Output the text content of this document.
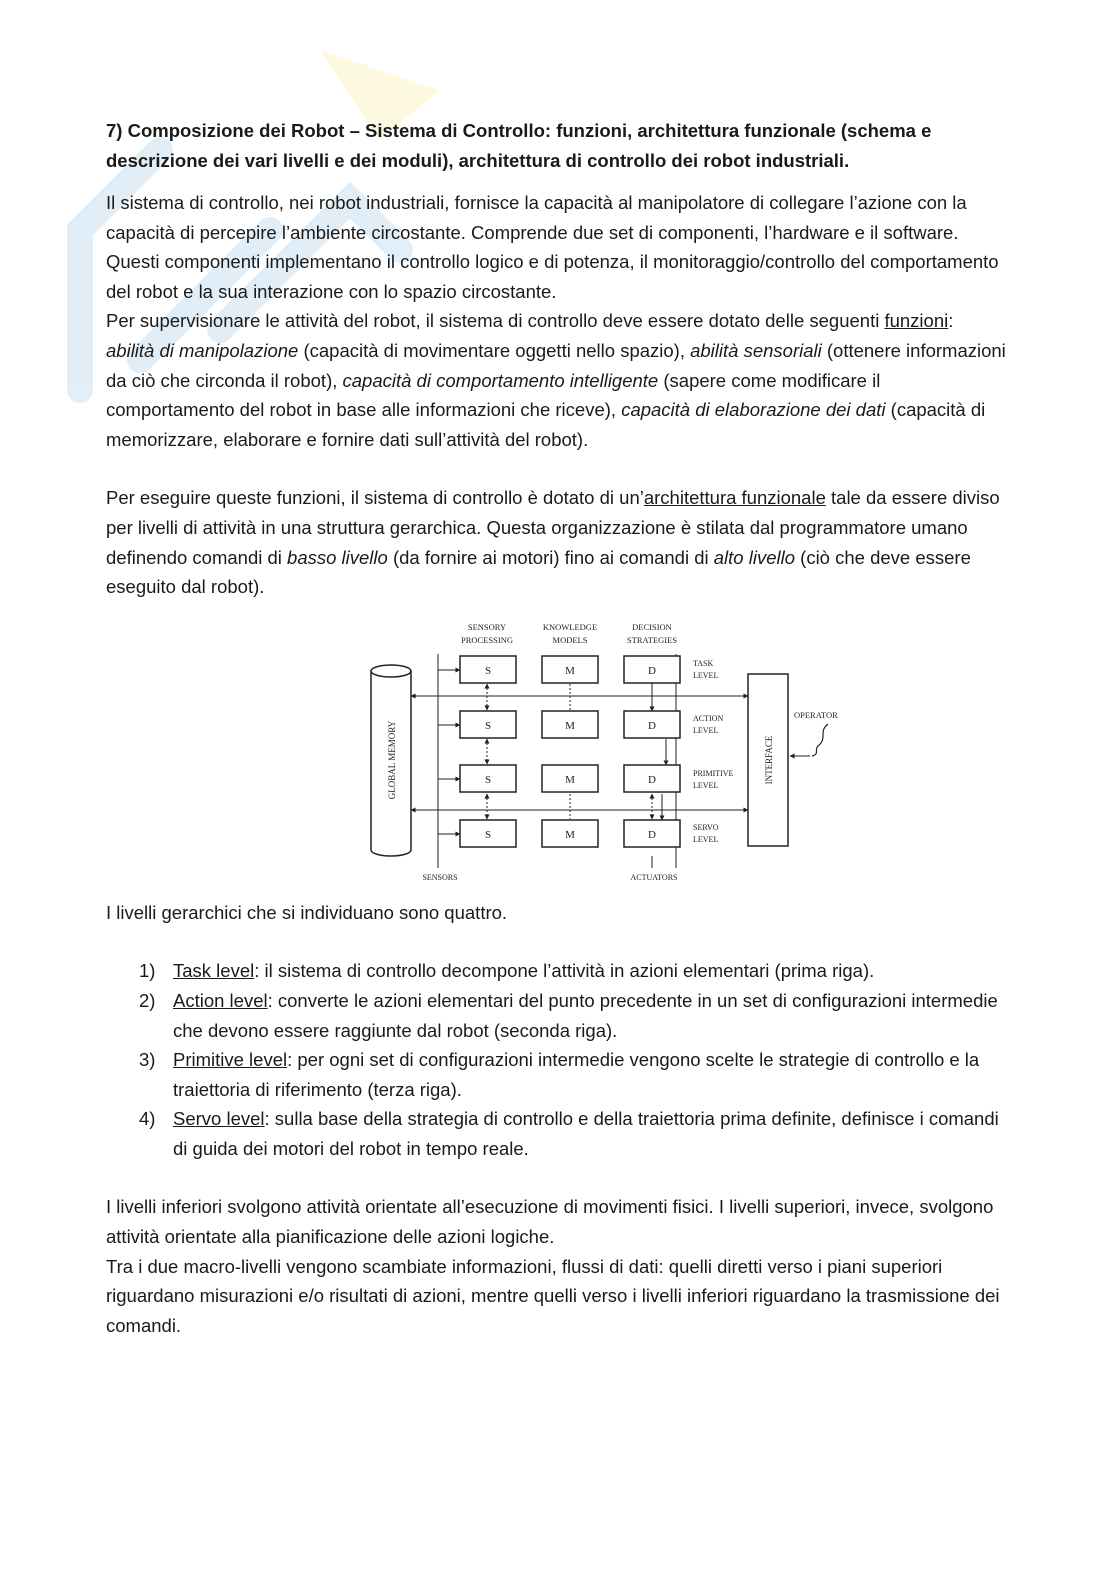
7) Composizione dei Robot – Sistema di Controllo: funzioni, architettura funzionale (schema e descrizione dei vari livelli e dei moduli), architettura di controllo dei robot industriali.

Il sistema di controllo, nei robot industriali, fornisce la capacità al manipolatore di collegare l’azione con la capacità di percepire l’ambiente circostante. Comprende due set di componenti, l’hardware e il software. Questi componenti implementano il controllo logico e di potenza, il monitoraggio/controllo del comportamento del robot e la sua interazione con lo spazio circostante.

Per supervisionare le attività del robot, il sistema di controllo deve essere dotato delle seguenti funzioni: abilità di manipolazione (capacità di movimentare oggetti nello spazio), abilità sensoriali (ottenere informazioni da ciò che circonda il robot), capacità di comportamento intelligente (sapere come modificare il comportamento del robot in base alle informazioni che riceve), capacità di elaborazione dei dati (capacità di memorizzare, elaborare e fornire dati sull’attività del robot).

Per eseguire queste funzioni, il sistema di controllo è dotato di un’architettura funzionale tale da essere diviso per livelli di attività in una struttura gerarchica. Questa organizzazione è stilata dal programmatore umano definendo comandi di basso livello (da fornire ai motori) fino ai comandi di alto livello (ciò che deve essere eseguito dal robot).

SENSORY
PROCESSING
KNOWLEDGE
MODELS
DECISION
STRATEGIES
GLOBAL MEMORY	INTERFACE
OPERATOR
S	M	D
TASK
LEVEL
S	M	D
ACTION
LEVEL
S	M	D
PRIMITIVE
LEVEL
S	M	D
SERVO
LEVEL
SENSORS	ACTUATORS

I livelli gerarchici che si individuano sono quattro.

1) Task level: il sistema di controllo decompone l’attività in azioni elementari (prima riga).
2) Action level: converte le azioni elementari del punto precedente in un set di configurazioni intermedie che devono essere raggiunte dal robot (seconda riga).
3) Primitive level: per ogni set di configurazioni intermedie vengono scelte le strategie di controllo e la traiettoria di riferimento (terza riga).
4) Servo level: sulla base della strategia di controllo e della traiettoria prima definite, definisce i comandi di guida dei motori del robot in tempo reale.

I livelli inferiori svolgono attività orientate all’esecuzione di movimenti fisici. I livelli superiori, invece, svolgono attività orientate alla pianificazione delle azioni logiche.

Tra i due macro-livelli vengono scambiate informazioni, flussi di dati: quelli diretti verso i piani superiori riguardano misurazioni e/o risultati di azioni, mentre quelli verso i livelli inferiori riguardano la trasmissione dei comandi.
